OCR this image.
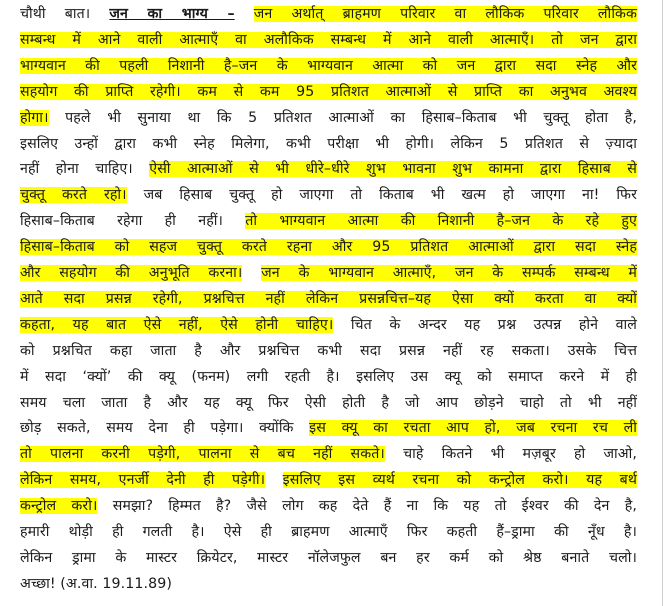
चौथी बात। जन का भाग्य – जन अर्थात् ब्राहमण परिवार वा लौकिक परिवार लौकिक
सम्बन्ध में आने वाली आत्माएँ वा अलौकिक सम्बन्ध में आने वाली आत्माएँ। तो जन द्वारा
भाग्यवान की पहली निशानी है–जन के भाग्यवान आत्मा को जन द्वारा सदा स्नेह और
सहयोग की प्राप्ति रहेगी। कम से कम 95 प्रतिशत आत्माओं से प्राप्ति का अनुभव अवश्य
होगा। पहले भी सुनाया था कि 5 प्रतिशत आत्माओं का हिसाब–किताब भी चुक्तू होता है,
इसलिए उन्हों द्वारा कभी स्नेह मिलेगा, कभी परीक्षा भी होगी। लेकिन 5 प्रतिशत से ज़्यादा
नहीं होना चाहिए। ऐसी आत्माओं से भी धीरे–धीरे शुभ भावना शुभ कामना द्वारा हिसाब से
चुक्तू करते रहो। जब हिसाब चुक्तू हो जाएगा तो किताब भी खत्म हो जाएगा ना! फिर
हिसाब–किताब रहेगा ही नहीं। तो भाग्यवान आत्मा की निशानी है–जन के रहे हुए
हिसाब–किताब को सहज चुक्तू करते रहना और 95 प्रतिशत आत्माओं द्वारा सदा स्नेह
और सहयोग की अनुभूति करना। जन के भाग्यवान आत्माएँ, जन के सम्पर्क सम्बन्ध में
आते सदा प्रसन्न रहेगी, प्रश्नचित्त नहीं लेकिन प्रसन्नचित्त–यह ऐसा क्यों करता वा क्यों
कहता, यह बात ऐसे नहीं, ऐसे होनी चाहिए। चित के अन्दर यह प्रश्न उत्पन्न होने वाले
को प्रश्नचित कहा जाता है और प्रश्नचित्त कभी सदा प्रसन्न नहीं रह सकता। उसके चित्त
में सदा ‘क्यों’ की क्यू (फनम) लगी रहती है। इसलिए उस क्यू को समाप्त करने में ही
समय चला जाता है और यह क्यू फिर ऐसी होती है जो आप छोड़ने चाहो तो भी नहीं
छोड़ सकते, समय देना ही पड़ेगा। क्योंकि इस क्यू का रचता आप हो, जब रचना रच ली
तो पालना करनी पड़ेगी, पालना से बच नहीं सकते। चाहे कितने भी मज़बूर हो जाओ,
लेकिन समय, एनर्जी देनी ही पड़ेगी। इसलिए इस व्यर्थ रचना को कन्ट्रोल करो। यह बर्थ
कन्ट्रोल करो। समझा? हिम्मत है? जैसे लोग कह देते हैं ना कि यह तो ईश्वर की देन है,
हमारी थोड़ी ही गलती है। ऐसे ही ब्राहमण आत्माएँ फिर कहती हैं–ड्रामा की नूँध है।
लेकिन ड्रामा के मास्टर क्रियेटर, मास्टर नॉलेजफुल बन हर कर्म को श्रेष्ठ बनाते चलो।
अच्छा! (अ.वा. 19.11.89)
